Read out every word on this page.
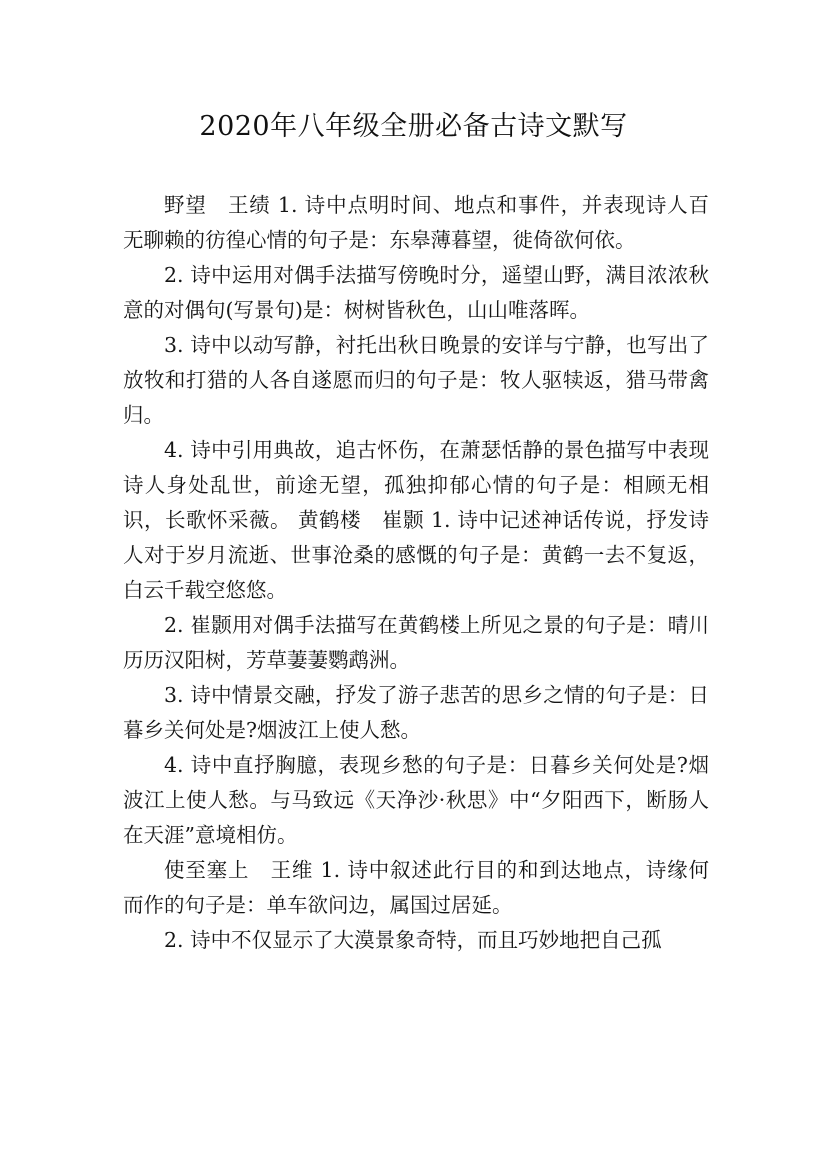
2020年八年级全册必备古诗文默写

野望　王绩 1. 诗中点明时间、地点和事件，并表现诗人百无聊赖的彷徨心情的句子是：东皋薄暮望，徙倚欲何依。

2. 诗中运用对偶手法描写傍晚时分，遥望山野，满目浓浓秋意的对偶句(写景句)是：树树皆秋色，山山唯落晖。

3. 诗中以动写静，衬托出秋日晚景的安详与宁静，也写出了放牧和打猎的人各自遂愿而归的句子是：牧人驱犊返，猎马带禽归。

4. 诗中引用典故，追古怀伤，在萧瑟恬静的景色描写中表现诗人身处乱世，前途无望，孤独抑郁心情的句子是：相顾无相识，长歌怀采薇。 黄鹤楼　崔颢 1. 诗中记述神话传说，抒发诗人对于岁月流逝、世事沧桑的感慨的句子是：黄鹤一去不复返，白云千载空悠悠。

2. 崔颢用对偶手法描写在黄鹤楼上所见之景的句子是：晴川历历汉阳树，芳草萋萋鹦鹉洲。

3. 诗中情景交融，抒发了游子悲苦的思乡之情的句子是：日暮乡关何处是?烟波江上使人愁。

4. 诗中直抒胸臆，表现乡愁的句子是：日暮乡关何处是?烟波江上使人愁。与马致远《天净沙·秋思》中“夕阳西下，断肠人在天涯”意境相仿。

使至塞上　王维 1. 诗中叙述此行目的和到达地点，诗缘何而作的句子是：单车欲问边，属国过居延。

2. 诗中不仅显示了大漠景象奇特，而且巧妙地把自己孤
